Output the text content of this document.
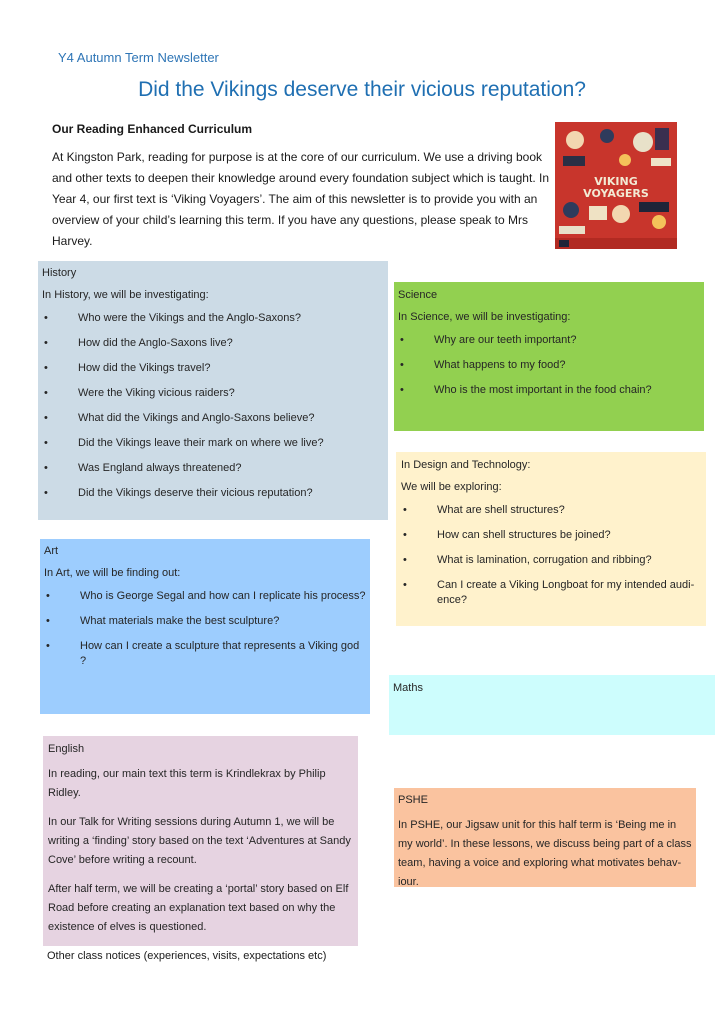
Y4 Autumn Term Newsletter
Did the Vikings deserve their vicious reputation?
Our Reading Enhanced Curriculum
At Kingston Park, reading for purpose is at the core of our curriculum. We use a driving book and other texts to deepen their knowledge around every foundation subject which is taught. In Year 4, our first text is ‘Viking Voyagers’. The aim of this newsletter is to provide you with an overview of your child’s learning this term. If you have any questions, please speak to Mrs Harvey.
VIKING
VOYAGERS
History
In History, we will be investigating:
• Who were the Vikings and the Anglo-Saxons?
• How did the Anglo-Saxons live?
• How did the Vikings travel?
• Were the Viking vicious raiders?
• What did the Vikings and Anglo-Saxons believe?
• Did the Vikings leave their mark on where we live?
• Was England always threatened?
• Did the Vikings deserve their vicious reputation?
Science
In Science, we will be investigating:
• Why are our teeth important?
• What happens to my food?
• Who is the most important in the food chain?
In Design and Technology:
We will be exploring:
• What are shell structures?
• How can shell structures be joined?
• What is lamination, corrugation and ribbing?
• Can I create a Viking Longboat for my intended audi-ence?
Art
In Art, we will be finding out:
• Who is George Segal and how can I replicate his process?
• What materials make the best sculpture?
• How can I create a sculpture that represents a Viking god ?
Maths
English

In reading, our main text this term is Krindlekrax by Philip Ridley.

In our Talk for Writing sessions during Autumn 1, we will be writing a ‘finding’ story based on the text ‘Adventures at Sandy Cove’ before writing a recount.

After half term, we will be creating a ‘portal’ story based on Elf Road before creating an explanation text based on why the existence of elves is questioned.

PSHE

In PSHE, our Jigsaw unit for this half term is ‘Being me in my world’. In these lessons, we discuss being part of a class team, having a voice and exploring what motivates behav-iour.

Other class notices (experiences, visits, expectations etc)
